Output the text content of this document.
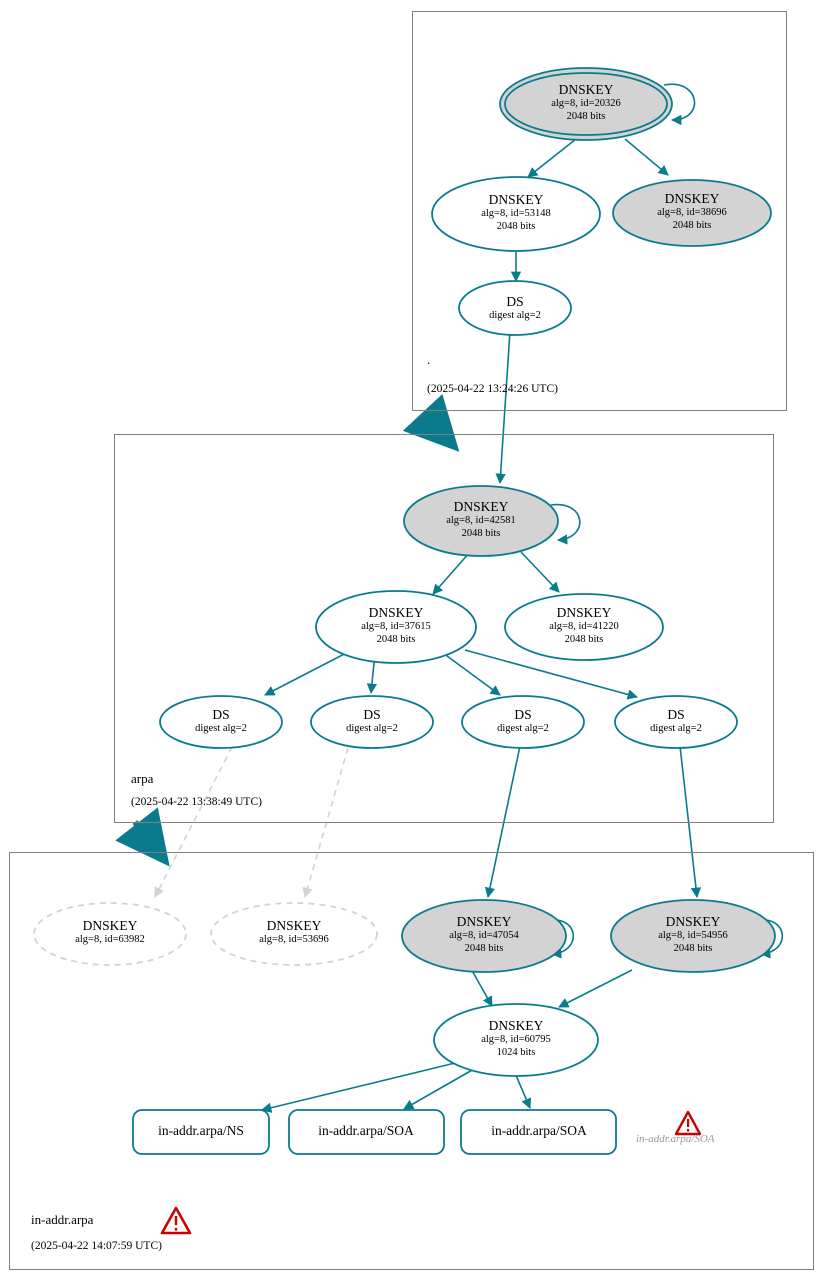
.
(2025-04-22 13:24:26 UTC)
arpa
(2025-04-22 13:38:49 UTC)
in-addr.arpa
(2025-04-22 14:07:59 UTC)
DNSKEY
alg=8, id=20326
2048 bits
DNSKEY
alg=8, id=53148
2048 bits
DNSKEY
alg=8, id=38696
2048 bits
DS
digest alg=2
DNSKEY
alg=8, id=42581
2048 bits
DNSKEY
alg=8, id=37615
2048 bits
DNSKEY
alg=8, id=41220
2048 bits
DS
digest alg=2
DS
digest alg=2
DS
digest alg=2
DS
digest alg=2
DNSKEY
alg=8, id=63982
DNSKEY
alg=8, id=53696
DNSKEY
alg=8, id=47054
2048 bits
DNSKEY
alg=8, id=54956
2048 bits
DNSKEY
alg=8, id=60795
1024 bits
in-addr.arpa/NS	in-addr.arpa/SOA	in-addr.arpa/SOA
in-addr.arpa/SOA
